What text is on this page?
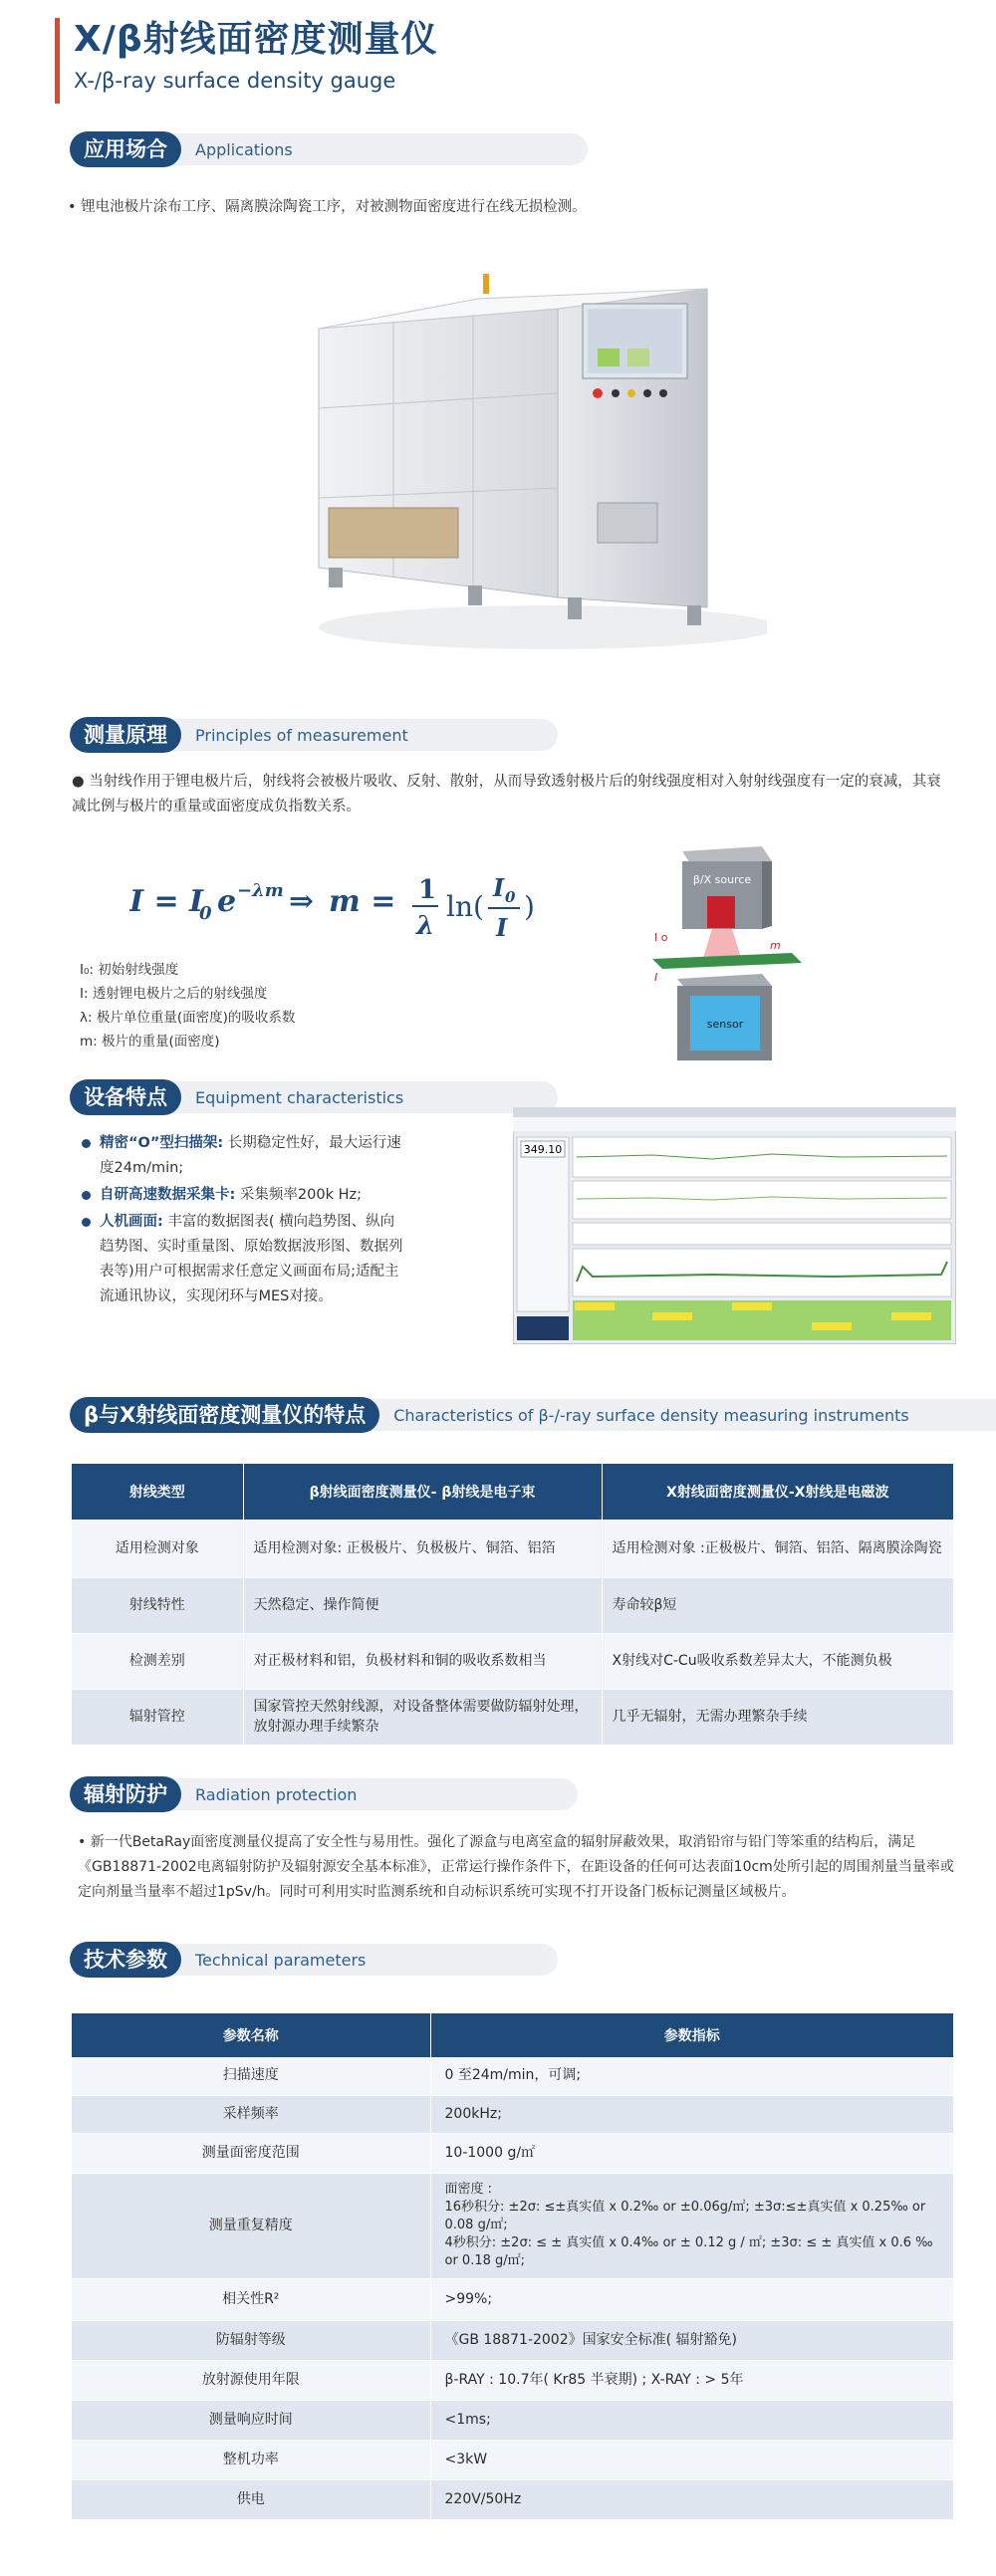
X/β射线面密度测量仪
X-/β-ray surface density gauge
应用场合	Applications
• 锂电池极片涂布工序、隔离膜涂陶瓷工序，对被测物面密度进行在线无损检测。
测量原理	Principles of measurement
● 当射线作用于锂电极片后，射线将会被极片吸收、反射、散射，从而导致透射极片后的射线强度相对入射射线强度有一定的衰减，其衰减比例与极片的重量或面密度成负指数关系。
I = I
0 e −λm ⇒ m = 1
λ
ln(
I 0
I
)
I₀: 初始射线强度
I: 透射锂电极片之后的射线强度
λ: 极片单位重量(面密度)的吸收系数
m: 极片的重量(面密度)
β/X source
I o
m
I
sensor
设备特点	Equipment characteristics
精密“O”型扫描架: 长期稳定性好，最大运行速度24m/min;
自研高速数据采集卡: 采集频率200k Hz;
人机画面: 丰富的数据图表( 横向趋势图、纵向趋势图、实时重量图、原始数据波形图、数据列表等)用户可根据需求任意定义画面布局;适配主流通讯协议，实现闭环与MES对接。
349.10
β与X射线面密度测量仪的特点	Characteristics of β-/-ray surface density measuring instruments
射线类型	β射线面密度测量仪- β射线是电子束	X射线面密度测量仪-X射线是电磁波
适用检测对象	适用检测对象: 正极极片、负极极片、铜箔、铝箔	适用检测对象 :正极极片、铜箔、铝箔、隔离膜涂陶瓷
射线特性	天然稳定、操作简便	寿命较β短
检测差别	对正极材料和铝，负极材料和铜的吸收系数相当	X射线对C-Cu吸收系数差异太大，不能测负极
辐射管控	国家管控天然射线源，对设备整体需要做防辐射处理，放射源办理手续繁杂	几乎无辐射，无需办理繁杂手续
辐射防护	Radiation protection
• 新一代BetaRay面密度测量仪提高了安全性与易用性。强化了源盒与电离室盒的辐射屏蔽效果，取消铅帘与铅门等笨重的结构后，满足《GB18871-2002电离辐射防护及辐射源安全基本标准》，正常运行操作条件下，在距设备的任何可达表面10cm处所引起的周围剂量当量率或定向剂量当量率不超过1pSv/h。同时可利用实时监测系统和自动标识系统可实现不打开设备门板标记测量区域极片。
技术参数	Technical parameters
参数名称	参数指标
扫描速度	0 至24m/min，可调;
采样频率	200kHz;
测量面密度范围	10-1000 g/㎡
测量重复精度	面密度 :
16秒积分: ±2σ: ≤±真实值 x 0.2‰ or ±0.06g/㎡; ±3σ:≤±真实值 x 0.25‰ or 0.08 g/㎡;
4秒积分: ±2σ: ≤ ± 真实值 x 0.4‰ or ± 0.12 g / ㎡; ±3σ: ≤ ± 真实值 x 0.6 ‰ or 0.18 g/㎡;
相关性R²	>99%;
防辐射等级	《GB 18871-2002》国家安全标准( 辐射豁免)
放射源使用年限	β-RAY : 10.7年( Kr85 半衰期) ; X-RAY : > 5年
测量响应时间	<1ms;
整机功率	<3kW
供电	220V/50Hz
